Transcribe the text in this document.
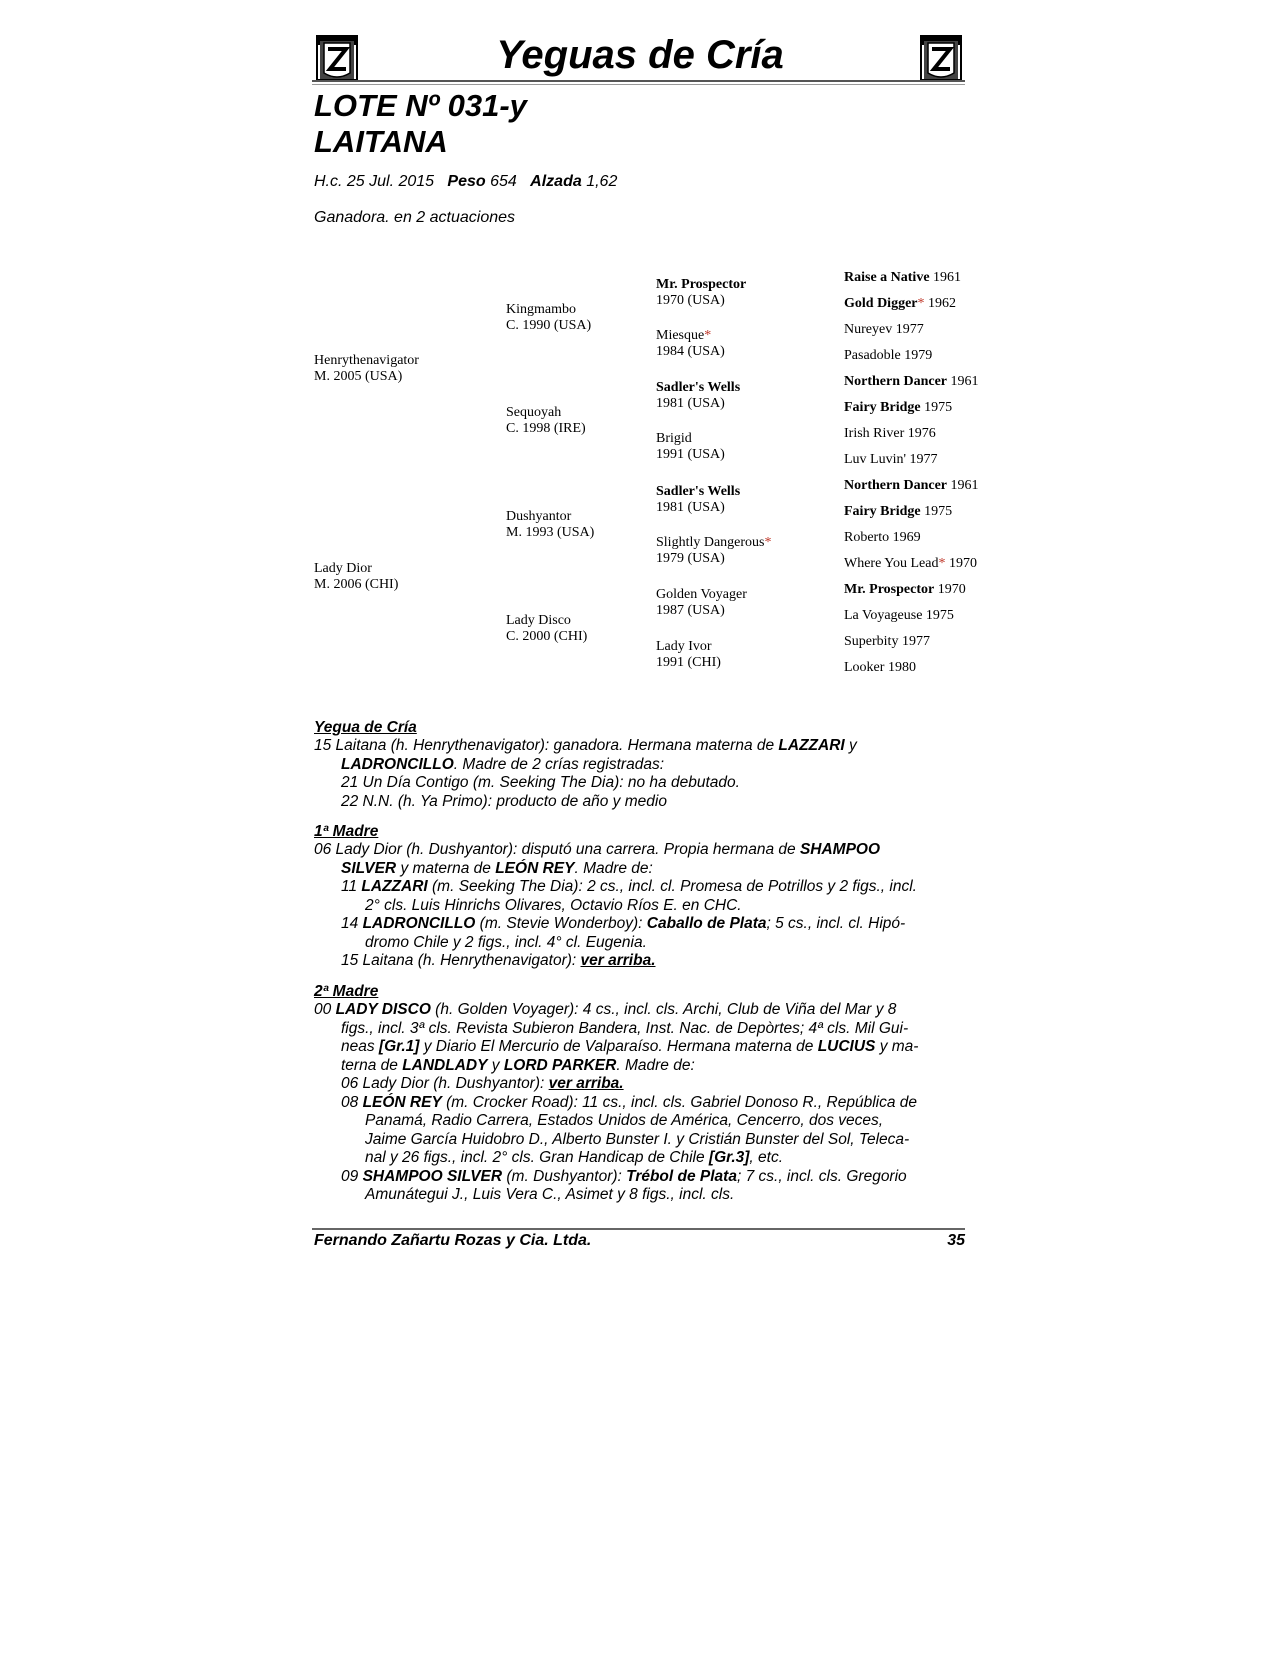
Yeguas de Cría
LOTE Nº 031-y
LAITANA
H.c. 25 Jul. 2015 Peso 654 Alzada 1,62
Ganadora. en 2 actuaciones
Henrythenavigator
M. 2005 (USA)
Lady Dior
M. 2006 (CHI)
Kingmambo
C. 1990 (USA)
Sequoyah
C. 1998 (IRE)
Dushyantor
M. 1993 (USA)
Lady Disco
C. 2000 (CHI)
Mr. Prospector
1970 (USA)
Miesque*
1984 (USA)
Sadler's Wells
1981 (USA)
Brigid
1991 (USA)
Sadler's Wells
1981 (USA)
Slightly Dangerous*
1979 (USA)
Golden Voyager
1987 (USA)
Lady Ivor
1991 (CHI)
Raise a Native 1961
Gold Digger* 1962
Nureyev 1977
Pasadoble 1979
Northern Dancer 1961
Fairy Bridge 1975
Irish River 1976
Luv Luvin' 1977
Northern Dancer 1961
Fairy Bridge 1975
Roberto 1969
Where You Lead* 1970
Mr. Prospector 1970
La Voyageuse 1975
Superbity 1977
Looker 1980
Yegua de Cría
15 Laitana (h. Henrythenavigator): ganadora. Hermana materna de LAZZARI y
LADRONCILLO. Madre de 2 crías registradas:
21 Un Día Contigo (m. Seeking The Dia): no ha debutado.
22 N.N. (h. Ya Primo): producto de año y medio
1ª Madre
06 Lady Dior (h. Dushyantor): disputó una carrera. Propia hermana de SHAMPOO
SILVER y materna de LEÓN REY. Madre de:
11 LAZZARI (m. Seeking The Dia): 2 cs., incl. cl. Promesa de Potrillos y 2 figs., incl.
2° cls. Luis Hinrichs Olivares, Octavio Ríos E. en CHC.
14 LADRONCILLO (m. Stevie Wonderboy): Caballo de Plata; 5 cs., incl. cl. Hipó-
dromo Chile y 2 figs., incl. 4° cl. Eugenia.
15 Laitana (h. Henrythenavigator): ver arriba.
2ª Madre
00 LADY DISCO (h. Golden Voyager): 4 cs., incl. cls. Archi, Club de Viña del Mar y 8
figs., incl. 3ª cls. Revista Subieron Bandera, Inst. Nac. de Depòrtes; 4ª cls. Mil Gui-
neas [Gr.1] y Diario El Mercurio de Valparaíso. Hermana materna de LUCIUS y ma-
terna de LANDLADY y LORD PARKER. Madre de:
06 Lady Dior (h. Dushyantor): ver arriba.
08 LEÓN REY (m. Crocker Road): 11 cs., incl. cls. Gabriel Donoso R., República de
Panamá, Radio Carrera, Estados Unidos de América, Cencerro, dos veces,
Jaime García Huidobro D., Alberto Bunster I. y Cristián Bunster del Sol, Teleca-
nal y 26 figs., incl. 2° cls. Gran Handicap de Chile [Gr.3], etc.
09 SHAMPOO SILVER (m. Dushyantor): Trébol de Plata; 7 cs., incl. cls. Gregorio
Amunátegui J., Luis Vera C., Asimet y 8 figs., incl. cls.
Fernando Zañartu Rozas y Cia. Ltda.	35
